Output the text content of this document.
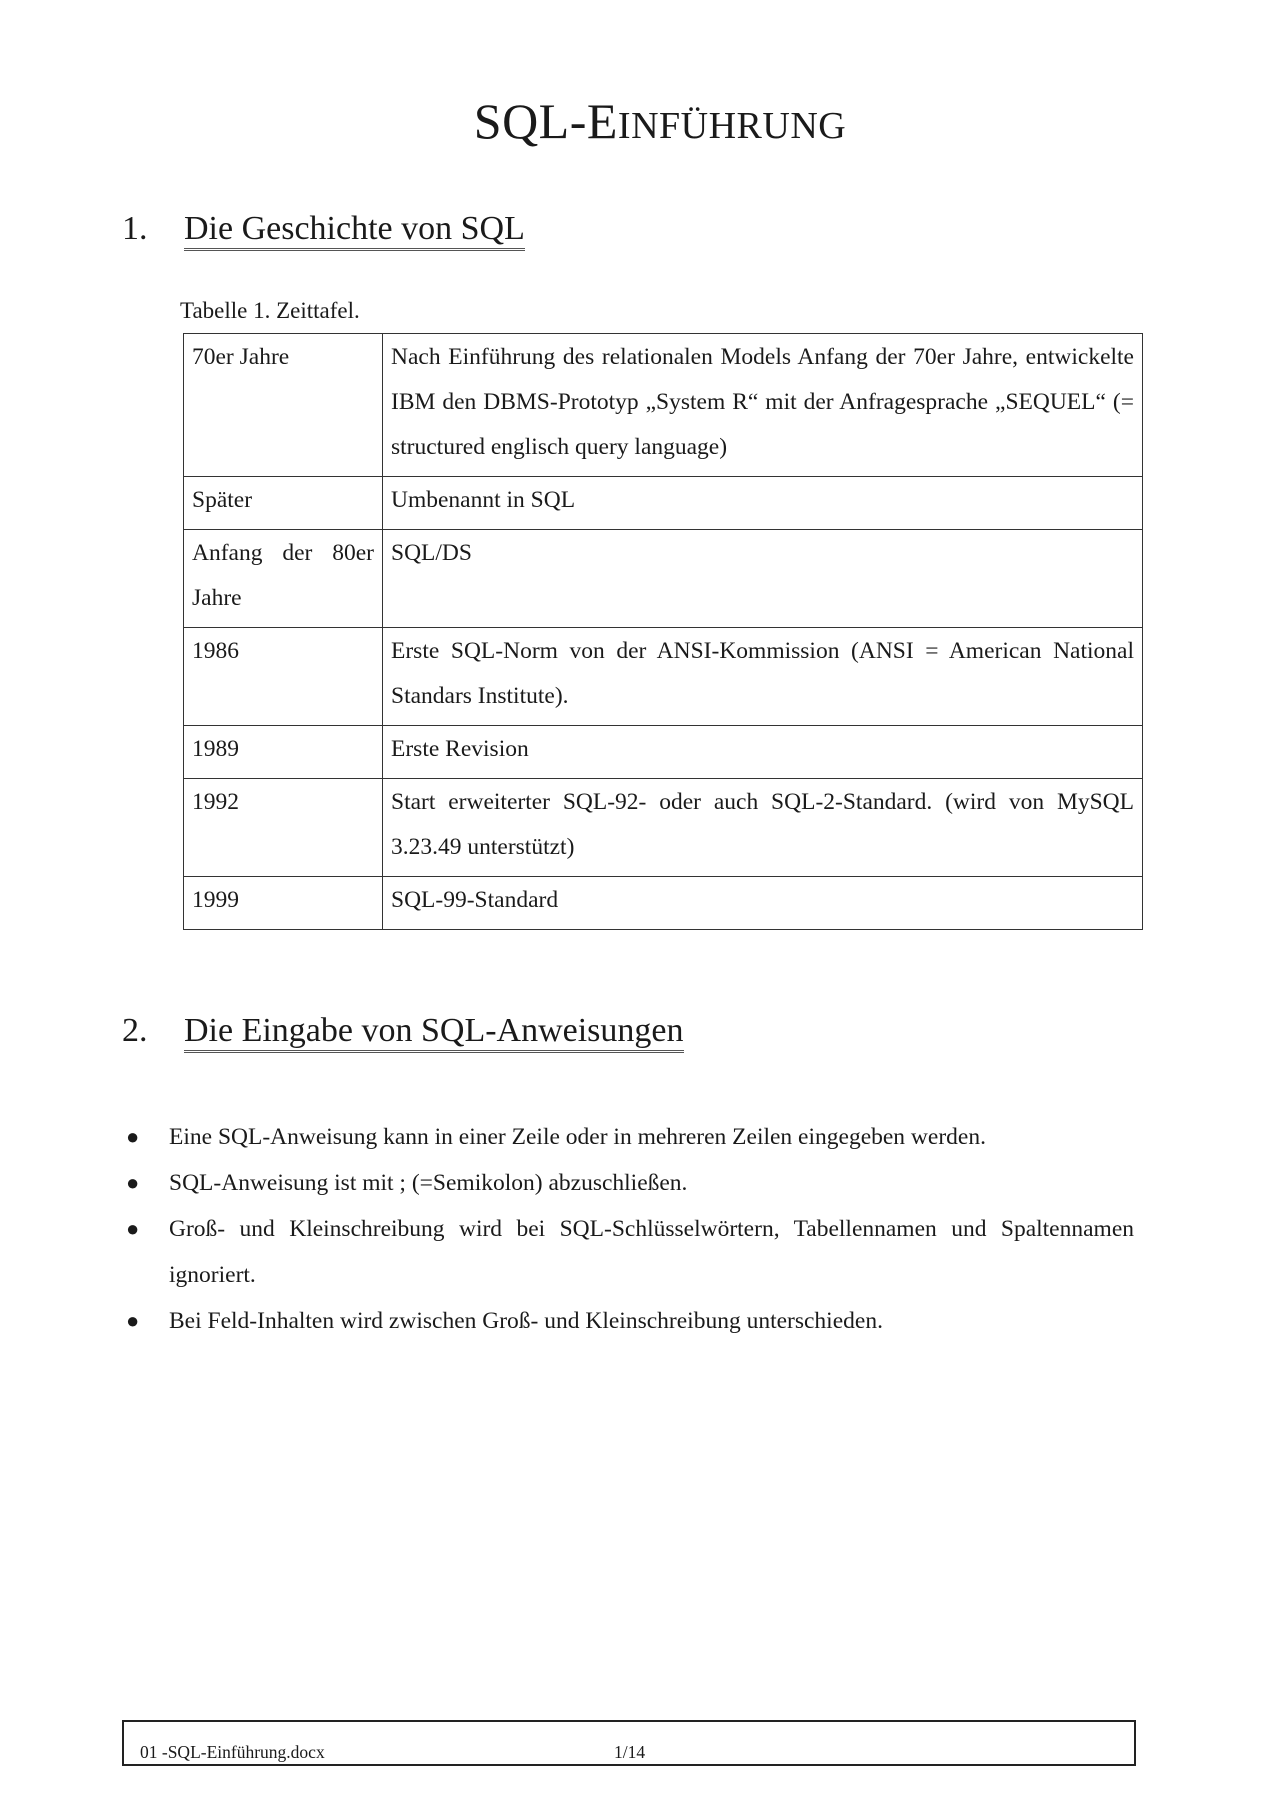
SQL-EINFÜHRUNG
1. Die Geschichte von SQL
Tabelle 1. Zeittafel.
70er Jahre	Nach Einführung des relationalen Models Anfang der 70er Jahre, entwickelte IBM den DBMS-Prototyp „System R“ mit der Anfragesprache „SEQUEL“ (= structured englisch query language)
Später	Umbenannt in SQL
Anfang der 80er Jahre	SQL/DS
1986	Erste SQL-Norm von der ANSI-Kommission (ANSI = American National Standars Institute).
1989	Erste Revision
1992	Start erweiterter SQL-92- oder auch SQL-2-Standard. (wird von MySQL 3.23.49 unterstützt)
1999	SQL-99-Standard
2. Die Eingabe von SQL-Anweisungen
● Eine SQL-Anweisung kann in einer Zeile oder in mehreren Zeilen eingegeben werden.
● SQL-Anweisung ist mit ; (=Semikolon) abzuschließen.
● Groß- und Kleinschreibung wird bei SQL-Schlüsselwörtern, Tabellennamen und Spaltennamen ignoriert.
● Bei Feld-Inhalten wird zwischen Groß- und Kleinschreibung unterschieden.
01 -SQL-Einführung.docx	1/14
